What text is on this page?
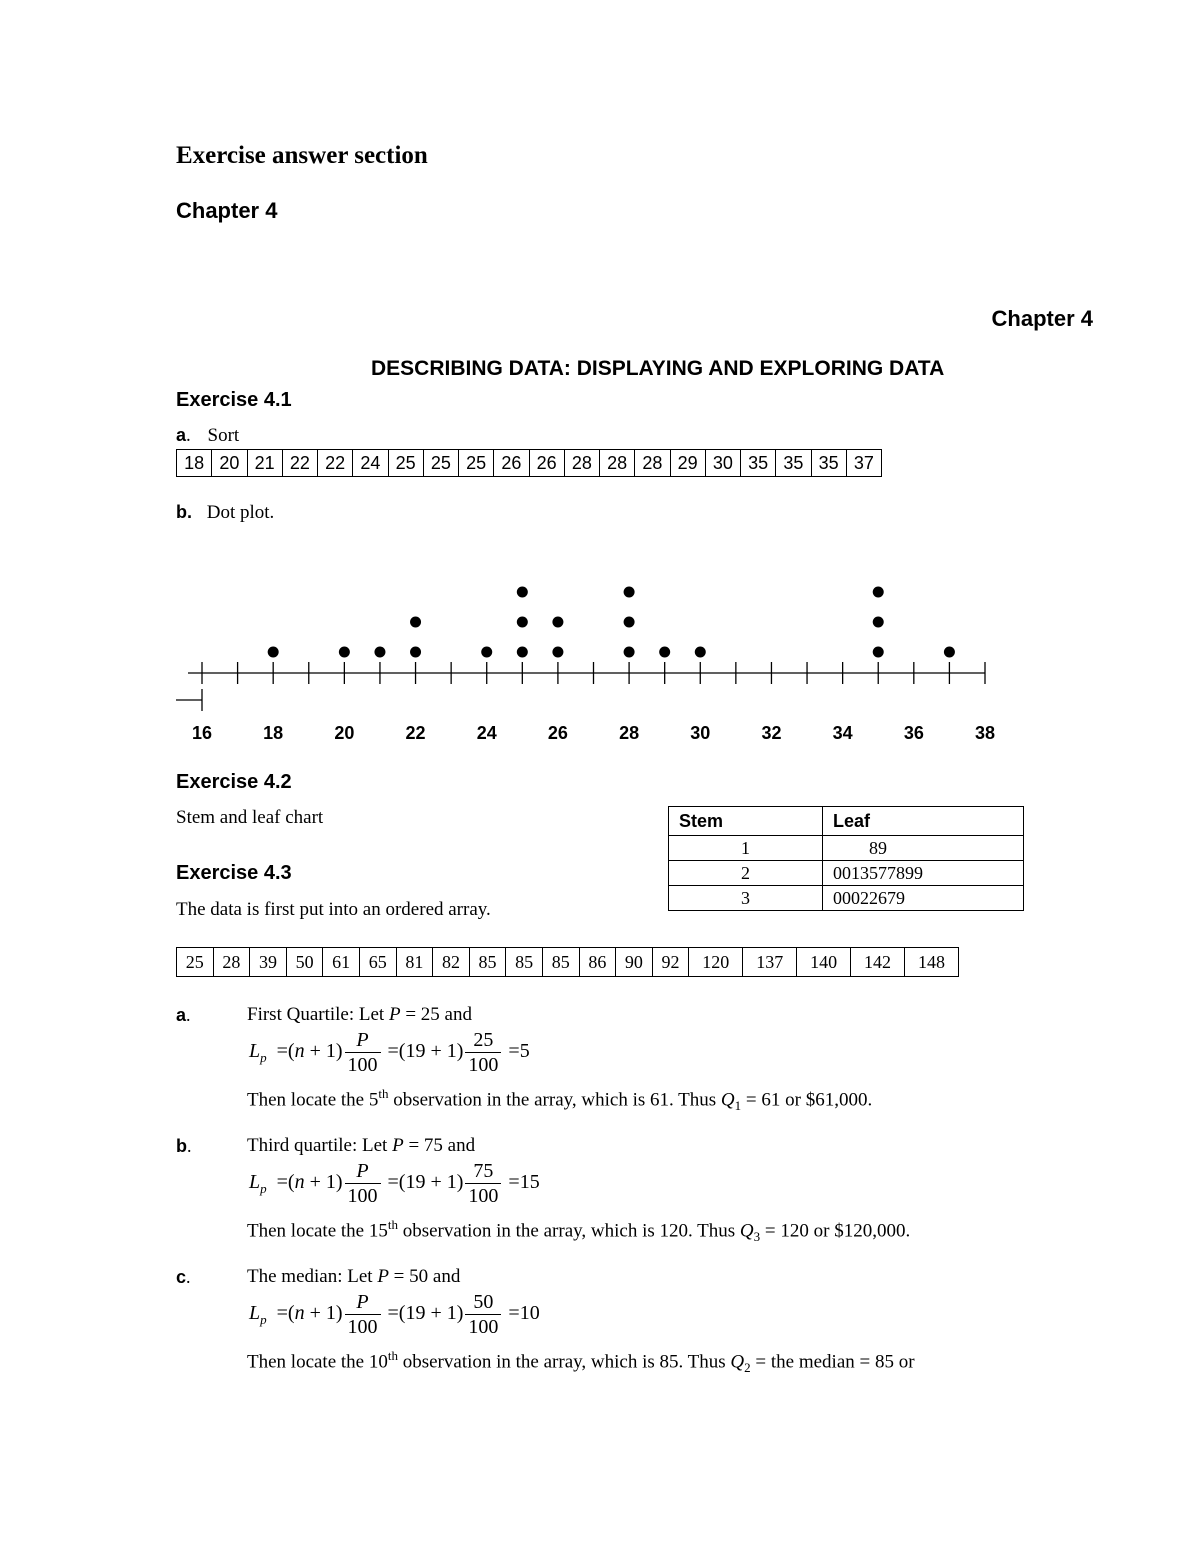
Exercise answer section
Chapter 4
Chapter 4
DESCRIBING DATA: DISPLAYING AND EXPLORING DATA
Exercise 4.1
a. Sort
18	20	21	22	22	24	25	25	25	26	26	28	28	28	29	30	35	35	35	37
b. Dot plot.
16	18	20	22	24	26	28	30	32	34	36	38
Exercise 4.2
Stem and leaf chart	Stem	Leaf
1	89
2	0013577899
3	00022679
Exercise 4.3
The data is first put into an ordered array.
25	28	39	50	61	65	81	82	85	85	85	86	90	92	120	137	140	142	148
a.	First Quartile: Let P = 25 and
$L_p =(n + 1) \frac{P}{100} =(19 + 1) \frac{25}{100} =5$
Then locate the 5th observation in the array, which is 61. Thus $Q_1 = 61$ or $61,000.
b.	Third quartile: Let P = 75 and
$L_p =(n + 1) \frac{P}{100} =(19 + 1) \frac{75}{100} =15$
Then locate the 15th observation in the array, which is 120. Thus $Q_3 = 120$ or $120,000.
c.	The median: Let P = 50 and
$L_p =(n + 1) \frac{P}{100} =(19 + 1) \frac{50}{100} =10$
Then locate the 10th observation in the array, which is 85. Thus $Q_2$ = the median = 85 or
